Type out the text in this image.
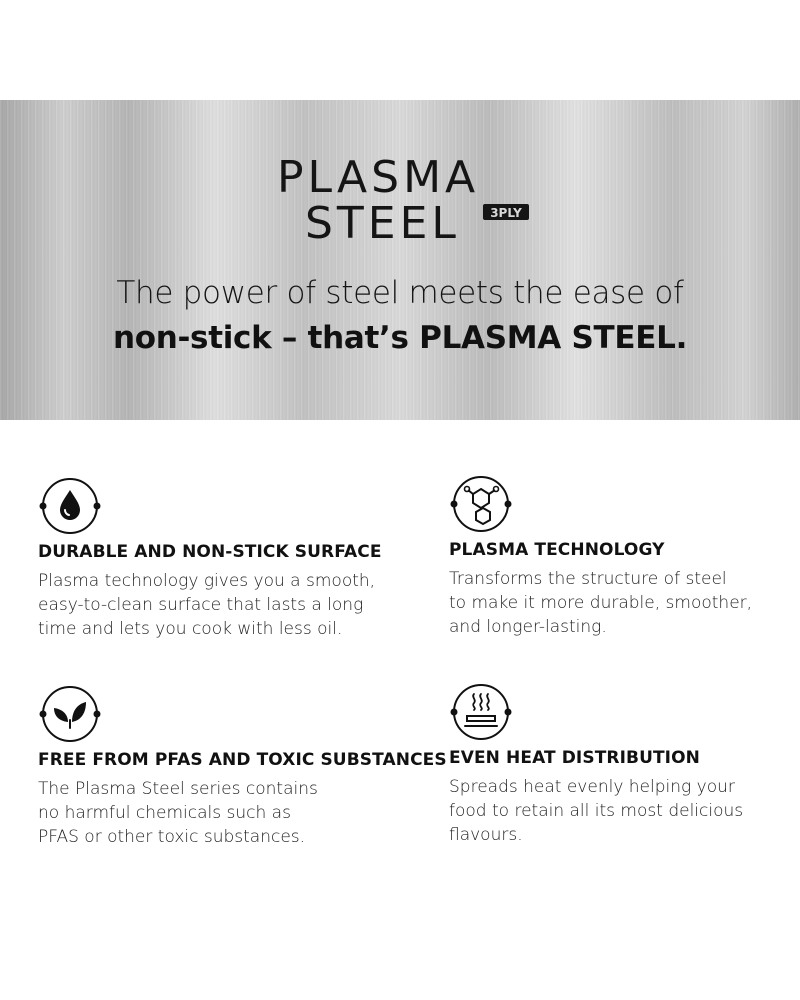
PLASMA
STEEL	3PLY
The power of steel meets the ease of
non-stick – that’s PLASMA STEEL.
DURABLE AND NON-STICK SURFACE

Plasma technology gives you a smooth,
easy-to-clean surface that lasts a long
time and lets you cook with less oil.

PLASMA TECHNOLOGY

Transforms the structure of steel
to make it more durable, smoother,
and longer-lasting.

FREE FROM PFAS AND TOXIC SUBSTANCES

The Plasma Steel series contains
no harmful chemicals such as
PFAS or other toxic substances.

EVEN HEAT DISTRIBUTION

Spreads heat evenly helping your
food to retain all its most delicious
flavours.
